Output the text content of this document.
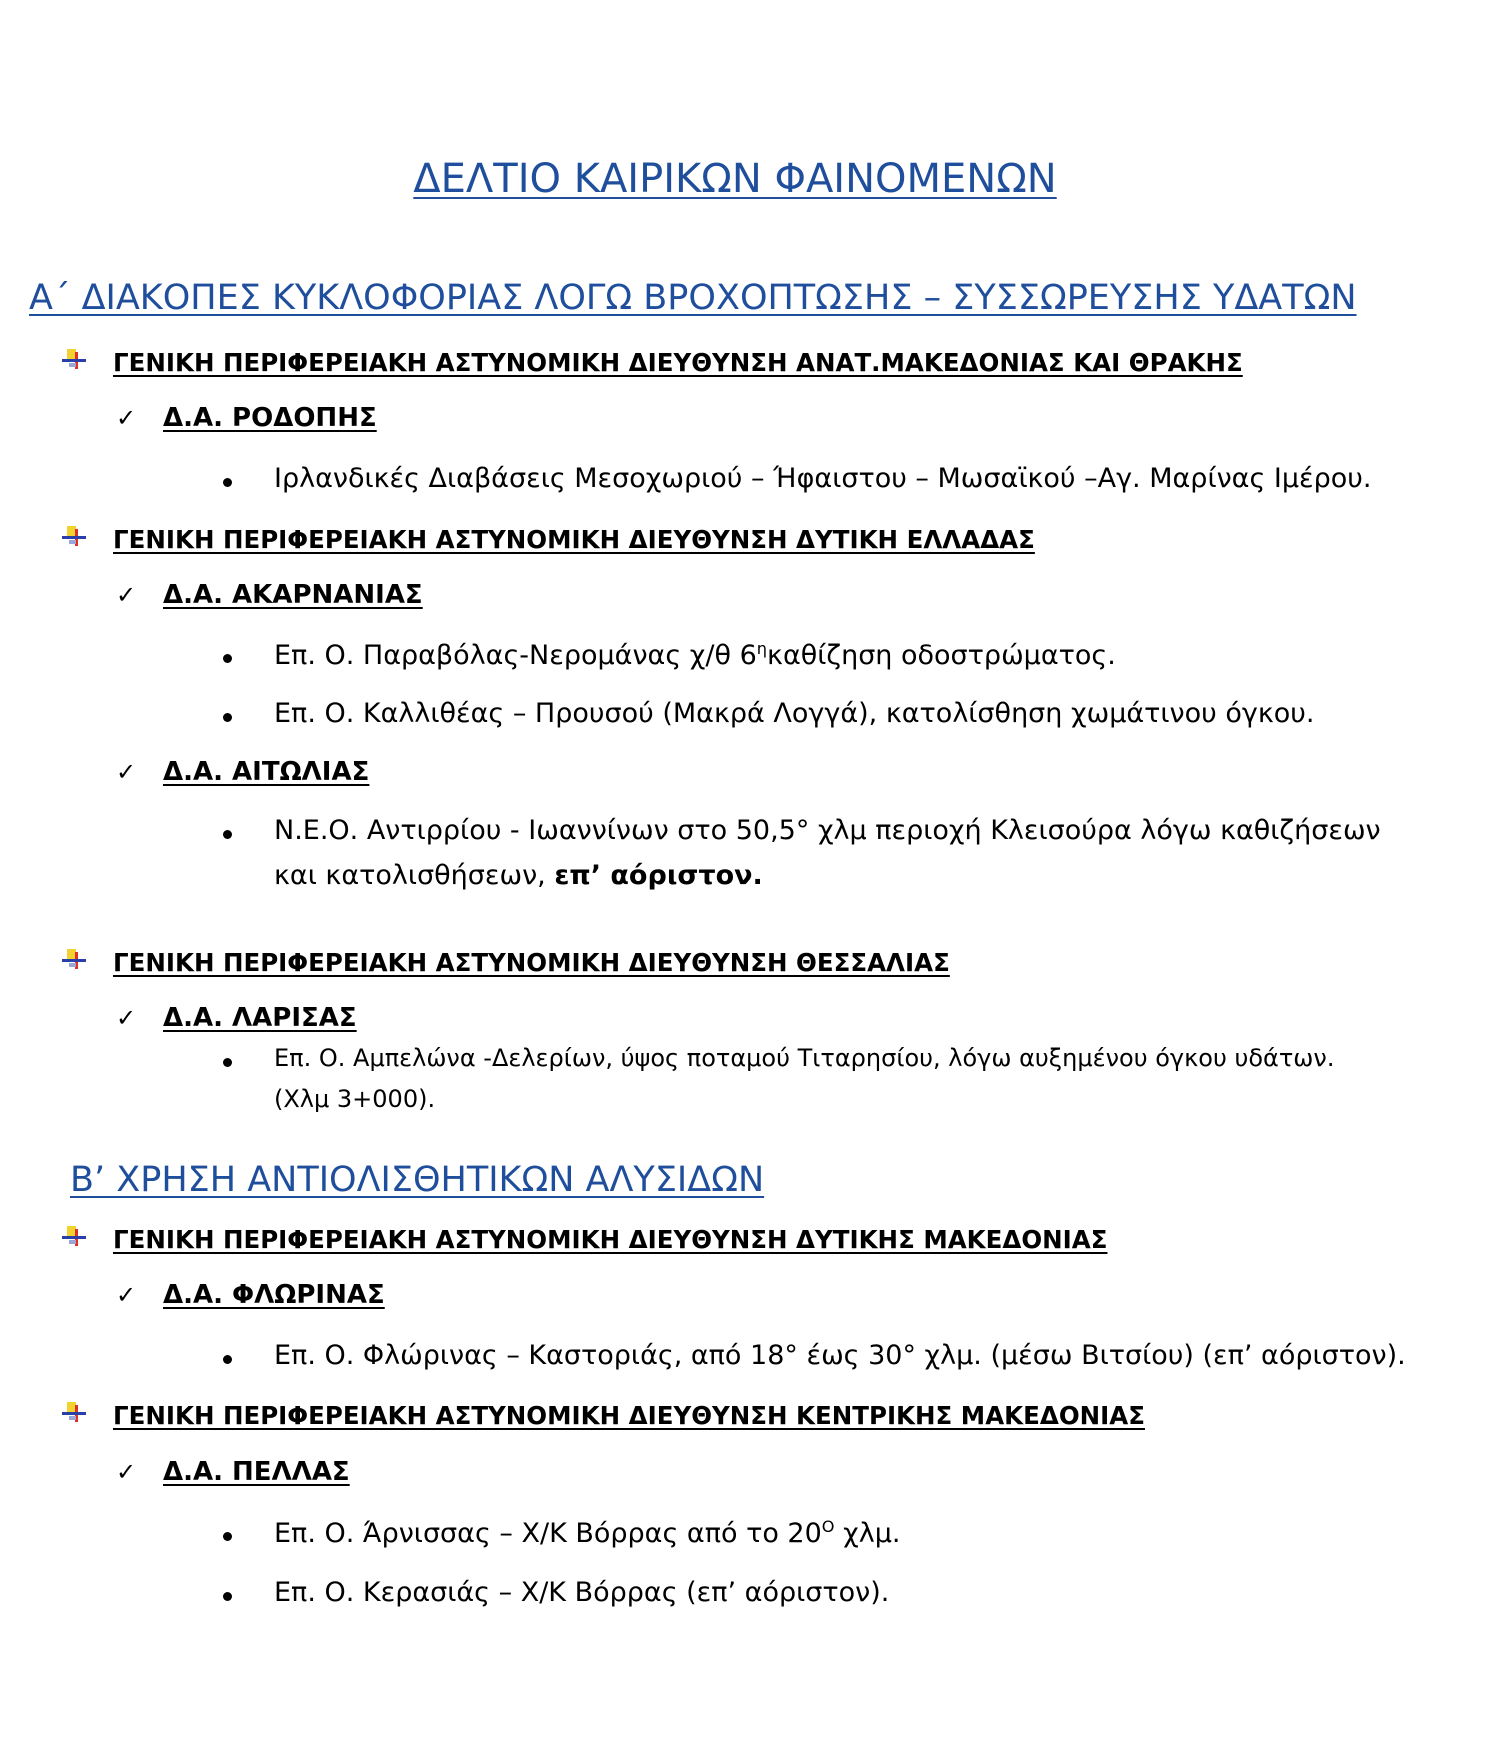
ΔΕΛΤΙΟ ΚΑΙΡΙΚΩΝ ΦΑΙΝΟΜΕΝΩΝ
Α΄ ΔΙΑΚΟΠΕΣ ΚΥΚΛΟΦΟΡΙΑΣ ΛΟΓΩ ΒΡΟΧΟΠΤΩΣΗΣ – ΣΥΣΣΩΡΕΥΣΗΣ ΥΔΑΤΩΝ
ΓΕΝΙΚΗ ΠΕΡΙΦΕΡΕΙΑΚΗ ΑΣΤΥΝΟΜΙΚΗ ΔΙΕΥΘΥΝΣΗ ΑΝΑΤ.ΜΑΚΕΔΟΝΙΑΣ ΚΑΙ ΘΡΑΚΗΣ
✓ Δ.Α. ΡΟΔΟΠΗΣ
Ιρλανδικές Διαβάσεις Μεσοχωριού – Ήφαιστου – Μωσαϊκού –Αγ. Μαρίνας Ιμέρου.
ΓΕΝΙΚΗ ΠΕΡΙΦΕΡΕΙΑΚΗ ΑΣΤΥΝΟΜΙΚΗ ΔΙΕΥΘΥΝΣΗ ΔΥΤΙΚΗ ΕΛΛΑΔΑΣ
✓ Δ.Α. ΑΚΑΡΝΑΝΙΑΣ
Επ. Ο. Παραβόλας-Νερομάνας χ/θ $6^\eta\kappa\alpha\theta ί\zeta\eta\sigma\eta$ οδοστρώματος.
Επ. Ο. Καλλιθέας – Προυσού (Μακρά Λογγά), κατολίσθηση χωμάτινου όγκου.
✓ Δ.Α. ΑΙΤΩΛΙΑΣ
Ν.Ε.Ο. Αντιρρίου - Ιωαννίνων στο 50,5° χλμ περιοχή Κλεισούρα λόγω καθιζήσεων
και κατολισθήσεων, επ’ αόριστον.
ΓΕΝΙΚΗ ΠΕΡΙΦΕΡΕΙΑΚΗ ΑΣΤΥΝΟΜΙΚΗ ΔΙΕΥΘΥΝΣΗ ΘΕΣΣΑΛΙΑΣ
✓ Δ.Α. ΛΑΡΙΣΑΣ
Επ. Ο. Αμπελώνα -Δελερίων, ύψος ποταμού Τιταρησίου, λόγω αυξημένου όγκου υδάτων.
(Χλμ 3+000).
Β’ ΧΡΗΣΗ ΑΝΤΙΟΛΙΣΘΗΤΙΚΩΝ ΑΛΥΣΙΔΩΝ
ΓΕΝΙΚΗ ΠΕΡΙΦΕΡΕΙΑΚΗ ΑΣΤΥΝΟΜΙΚΗ ΔΙΕΥΘΥΝΣΗ ΔΥΤΙΚΗΣ ΜΑΚΕΔΟΝΙΑΣ
✓ Δ.Α. ΦΛΩΡΙΝΑΣ
Επ. Ο. Φλώρινας – Καστοριάς, από 18° έως 30° χλμ. (μέσω Βιτσίου) (επ’ αόριστον).
ΓΕΝΙΚΗ ΠΕΡΙΦΕΡΕΙΑΚΗ ΑΣΤΥΝΟΜΙΚΗ ΔΙΕΥΘΥΝΣΗ ΚΕΝΤΡΙΚΗΣ ΜΑΚΕΔΟΝΙΑΣ
✓ Δ.Α. ΠΕΛΛΑΣ
Επ. Ο. Άρνισσας – Χ/Κ Βόρρας από το $20^O$ χλμ.
Επ. Ο. Κερασιάς – Χ/Κ Βόρρας (επ’ αόριστον).
